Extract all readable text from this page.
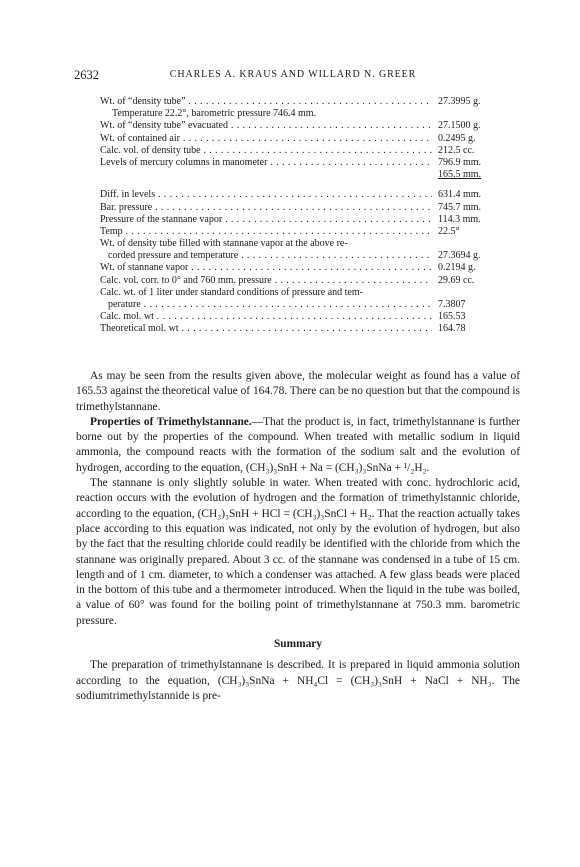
2632	CHARLES A. KRAUS AND WILLARD N. GREER
Wt. of “density tube” . . .	27.3995 g.
Temperature 22.2°, barometric pressure 746.4 mm.
Wt. of “density tube” evacuated . . .	27.1500 g.
Wt. of contained air . . .	0.2495 g.
Calc. vol. of density tube . . .	212.5 cc.
Levels of mercury columns in manometer . . .	796.9 mm.
165.5 mm.
Diff. in levels . . .	631.4 mm.
Bar. pressure . . .	745.7 mm.
Pressure of the stannane vapor . . .	114.3 mm.
Temp . . .	22.5°
Wt. of density tube filled with stannane vapor at the above re-
corded pressure and temperature . . .	27.3694 g.
Wt. of stannane vapor . . .	0.2194 g.
Calc. vol. corr. to 0° and 760 mm. pressure . . .	29.69 cc.
Calc. wt. of 1 liter under standard conditions of pressure and tem-
perature . . .	7.3807
Calc. mol. wt . . .	165.53
Theoretical mol. wt . . .	164.78

As may be seen from the results given above, the molecular weight as found has a value of 165.53 against the theoretical value of 164.78. There can be no question but that the compound is trimethylstannane.

Properties of Trimethylstannane.—That the product is, in fact, trimethylstannane is further borne out by the properties of the compound. When treated with metallic sodium in liquid ammonia, the compound reacts with the formation of the sodium salt and the evolution of hydrogen, according to the equation, (CH₃)₃SnH + Na = (CH₃)₃SnNa + ¹/₂H₂.

The stannane is only slightly soluble in water. When treated with conc. hydrochloric acid, reaction occurs with the evolution of hydrogen and the formation of trimethylstannic chloride, according to the equation, (CH₃)₃SnH + HCl = (CH₃)₃SnCl + H₂. That the reaction actually takes place according to this equation was indicated, not only by the evolution of hydrogen, but also by the fact that the resulting chloride could readily be identified with the chloride from which the stannane was originally prepared. About 3 cc. of the stannane was condensed in a tube of 15 cm. length and of 1 cm. diameter, to which a condenser was attached. A few glass beads were placed in the bottom of this tube and a thermometer introduced. When the liquid in the tube was boiled, a value of 60° was found for the boiling point of trimethylstannane at 750.3 mm. barometric pressure.

Summary

The preparation of trimethylstannane is described. It is prepared in liquid ammonia solution according to the equation, (CH₃)₃SnNa + NH₄Cl = (CH₃)₃SnH + NaCl + NH₃. The sodiumtrimethylstannide is pre-
